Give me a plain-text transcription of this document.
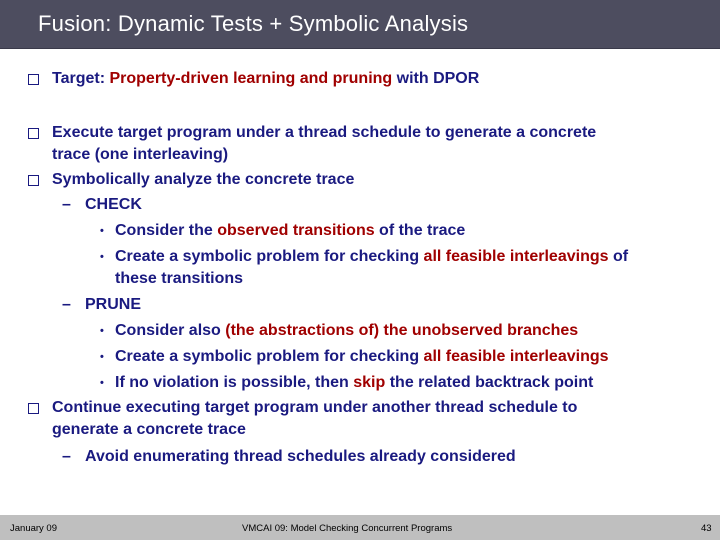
Fusion: Dynamic Tests + Symbolic Analysis
Target: Property-driven learning and pruning with DPOR
Execute target program under a thread schedule to generate a concrete
trace (one interleaving)
Symbolically analyze the concrete trace
– CHECK
• Consider the observed transitions of the trace
• Create a symbolic problem for checking all feasible interleavings of
these transitions
– PRUNE
• Consider also (the abstractions of) the unobserved branches
• Create a symbolic problem for checking all feasible interleavings
• If no violation is possible, then skip the related backtrack point
Continue executing target program under another thread schedule to
generate a concrete trace
– Avoid enumerating thread schedules already considered
January 09	VMCAI 09: Model Checking Concurrent Programs	43
